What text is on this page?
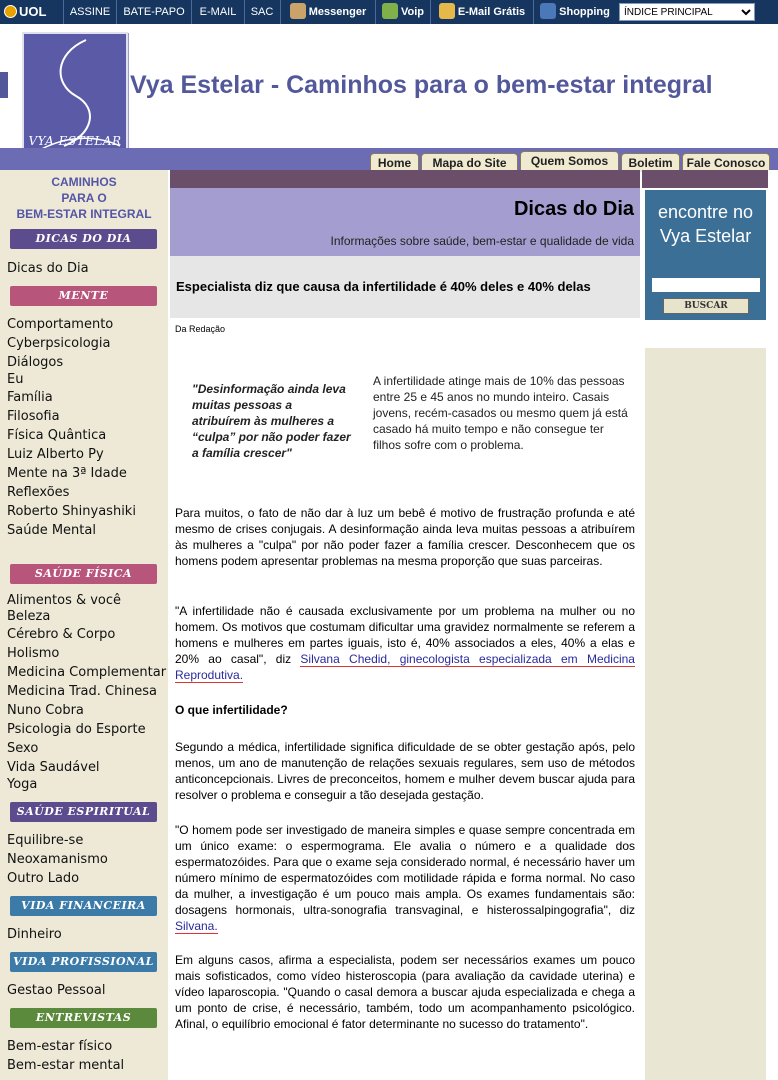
UOL	ASSINE	BATE-PAPO	E-MAIL	SAC	Messenger	Voip	E-Mail Grátis	Shopping
ÍNDICE PRINCIPAL
VYA ESTELAR
Vya Estelar - Caminhos para o bem-estar integral
Home	Mapa do Site	Quem Somos	Boletim	Fale Conosco
CAMINHOS
PARA O
BEM-ESTAR INTEGRAL
DICAS DO DIA
Dicas do Dia
MENTE
Comportamento
Cyberpsicologia
Diálogos
Eu
Família
Filosofia
Física Quântica
Luiz Alberto Py
Mente na 3ª Idade
Reflexões
Roberto Shinyashiki
Saúde Mental
SAÚDE FÍSICA
Alimentos & você
Beleza
Cérebro & Corpo
Holismo
Medicina Complementar
Medicina Trad. Chinesa
Nuno Cobra
Psicologia do Esporte
Sexo
Vida Saudável
Yoga
SAÚDE ESPIRITUAL
Equilibre-se
Neoxamanismo
Outro Lado
VIDA FINANCEIRA
Dinheiro
VIDA PROFISSIONAL
Gestao Pessoal
ENTREVISTAS
Bem-estar físico
Bem-estar mental
Dicas do Dia
Informações sobre saúde, bem-estar e qualidade de vida
Especialista diz que causa da infertilidade é 40% deles e 40% delas
Da Redação
"Desinformação ainda leva muitas pessoas a atribuírem às mulheres a “culpa” por não poder fazer a família crescer"
A infertilidade atinge mais de 10% das pessoas entre 25 e 45 anos no mundo inteiro. Casais jovens, recém-casados ou mesmo quem já está casado há muito tempo e não consegue ter filhos sofre com o problema.
Para muitos, o fato de não dar à luz um bebê é motivo de frustração profunda e até mesmo de crises conjugais. A desinformação ainda leva muitas pessoas a atribuírem às mulheres a "culpa" por não poder fazer a família crescer. Desconhecem que os homens podem apresentar problemas na mesma proporção que suas parceiras.
"A infertilidade não é causada exclusivamente por um problema na mulher ou no homem. Os motivos que costumam dificultar uma gravidez normalmente se referem a homens e mulheres em partes iguais, isto é, 40% associados a eles, 40% a elas e 20% ao casal", diz Silvana Chedid, ginecologista especializada em Medicina Reprodutiva.
O que infertilidade?
Segundo a médica, infertilidade significa dificuldade de se obter gestação após, pelo menos, um ano de manutenção de relações sexuais regulares, sem uso de métodos anticoncepcionais. Livres de preconceitos, homem e mulher devem buscar ajuda para resolver o problema e conseguir a tão desejada gestação.
"O homem pode ser investigado de maneira simples e quase sempre concentrada em um único exame: o espermograma. Ele avalia o número e a qualidade dos espermatozóides. Para que o exame seja considerado normal, é necessário haver um número mínimo de espermatozóides com motilidade rápida e forma normal. No caso da mulher, a investigação é um pouco mais ampla. Os exames fundamentais são: dosagens hormonais, ultra-sonografia transvaginal, e histerossalpingografia", diz Silvana.
Em alguns casos, afirma a especialista, podem ser necessários exames um pouco mais sofisticados, como vídeo histeroscopia (para avaliação da cavidade uterina) e vídeo laparoscopia. "Quando o casal demora a buscar ajuda especializada e chega a um ponto de crise, é necessário, também, todo um acompanhamento psicológico. Afinal, o equilíbrio emocional é fator determinante no sucesso do tratamento".
encontre no Vya Estelar
BUSCAR
